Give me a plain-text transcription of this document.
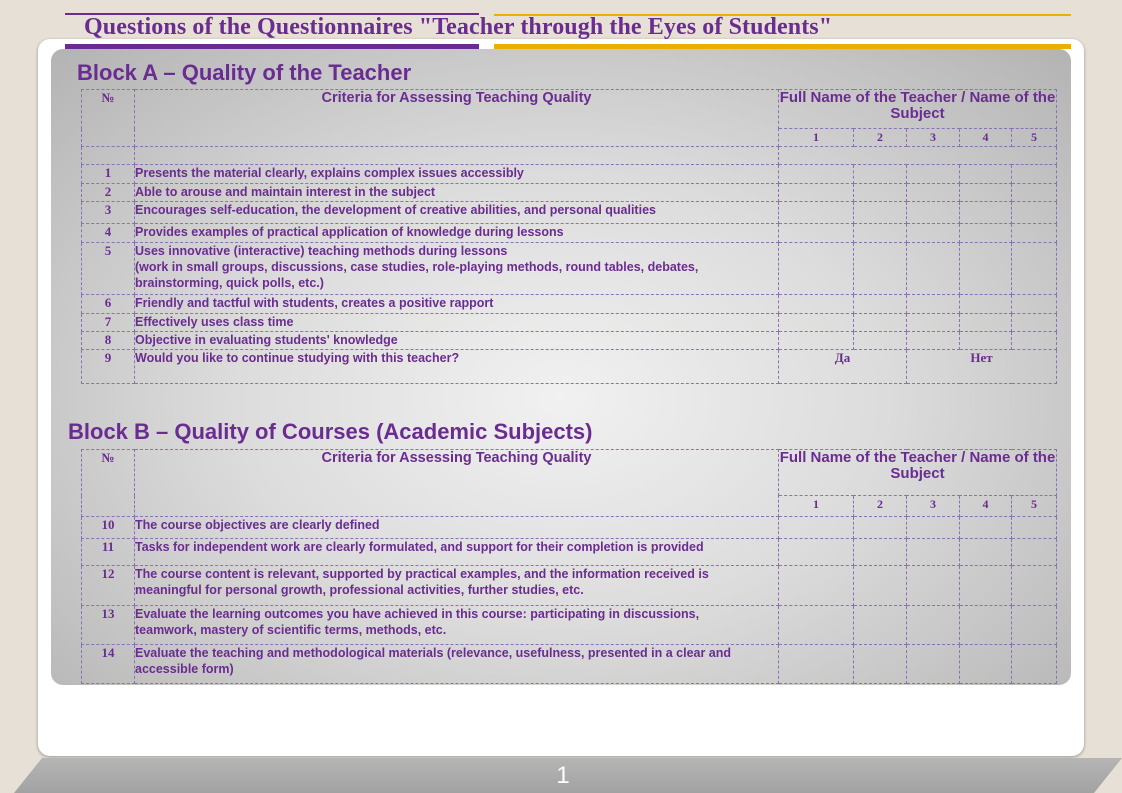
Questions of the Questionnaires "Teacher through the Eyes of Students"
Block A – Quality of the Teacher
№	Criteria for Assessing Teaching Quality	Full Name of the Teacher / Name of the Subject				
		1	2	3	4	5

1	Presents the material clearly, explains complex issues accessibly					
2	Able to arouse and maintain interest in the subject					
3	Encourages self-education, the development of creative abilities, and personal qualities					
4	Provides examples of practical application of knowledge during lessons					
5	Uses innovative (interactive) teaching methods during lessons
(work in small groups, discussions, case studies, role-playing methods, round tables, debates,
brainstorming, quick polls, etc.)					

6	Friendly and tactful with students, creates a positive rapport					
7	Effectively uses class time					
8	Objective in evaluating students' knowledge					
9	Would you like to continue studying with this teacher?	Да		Нет		
Block B – Quality of Courses (Academic Subjects)
№	Criteria for Assessing Teaching Quality	Full Name of the Teacher / Name of the Subject				
		1	2	3	4	5
10	The course objectives are clearly defined					

11	Tasks for independent work are clearly formulated, and support for their completion is provided					

12	The course content is relevant, supported by practical examples, and the information received is
meaningful for personal growth, professional activities, further studies, etc.					

13	Evaluate the learning outcomes you have achieved in this course: participating in discussions,
teamwork, mastery of scientific terms, methods, etc.					

14	Evaluate the teaching and methodological materials (relevance, usefulness, presented in a clear and
accessible form)					

1
